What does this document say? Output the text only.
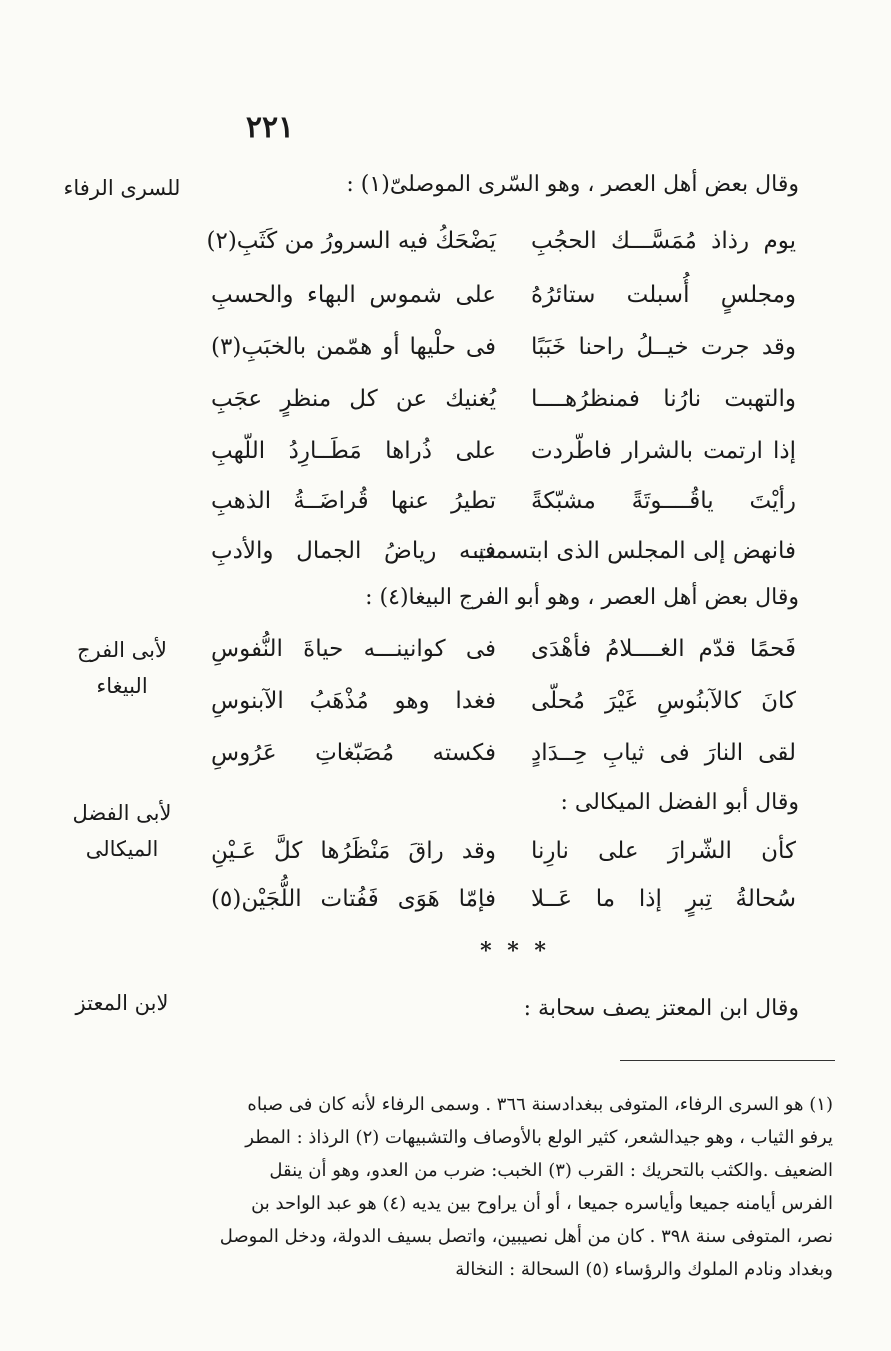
٢٢١
للسرى الرفاء
لأبى الفرج البيغاء
لأبى الفضل الميكالى
لابن المعتز
وقال بعض أهل العصر ، وهو السّرى الموصلىّ(١) :
يوم رذاذ مُمَسَّـــك الحجُبِ
يَضْحَكُ فيه السرورُ من كَثَبِ(٢)
ومجلسٍ أُسبلت ستائرُهُ
على شموس البهاء والحسبِ
وقد جرت خيــلُ راحنا خَبَبًا
فى حلْيها أو همّمن بالخبَبِ(٣)
والتهبت نارُنا فمنظرُهــــا
يُغنيك عن كل منظرٍ عجَبِ
إذا ارتمت بالشرار فاطّردت
على ذُراها مَطَــارِدُ اللّهبِ
رأيْتَ ياقُــــوتَةً مشبّكةً
تطيرُ عنها قُراضَــةُ الذهبِ
فانهض إلى المجلس الذى ابتسمت
فيـه رياضُ الجمال والأدبِ
وقال بعض أهل العصر ، وهو أبو الفرج البيغا(٤) :
فَحمًا قدّم الغــــلامُ فأهْدَى
فى كوانينـــه حياةَ النُّفوسِ
كانَ كالآبنُوسِ غَيْرَ مُحلّى
فغدا وهو مُذْهَبُ الآبنوسِ
لقى النارَ فى ثيابِ حِــدَادٍ
فكسته مُصَبّغاتِ عَرُوسِ
وقال أبو الفضل الميكالى :
كأن الشّرارَ على نارِنا
وقد راقَ مَنْظَرُها كلَّ عَـيْنِ
سُحالةُ تِبرٍ إذا ما عَــلا
فإمّا هَوَى فَفُتات اللُّجَيْن(٥)
* * *
وقال ابن المعتز يصف سحابة :
(١) هو السرى الرفاء، المتوفى ببغدادسنة ٣٦٦ . وسمى الرفاء لأنه كان فى صباه
يرفو الثياب ، وهو جيدالشعر، كثير الولع بالأوصاف والتشبيهات (٢) الرذاذ : المطر
الضعيف .والكثب بالتحريك : القرب (٣) الخبب: ضرب من العدو، وهو أن ينقل
الفرس أيامنه جميعا وأياسره جميعا ، أو أن يراوح بين يديه (٤) هو عبد الواحد بن
نصر، المتوفى سنة ٣٩٨ . كان من أهل نصيبين، واتصل بسيف الدولة، ودخل الموصل
وبغداد ونادم الملوك والرؤساء (٥) السحالة : النخالة
